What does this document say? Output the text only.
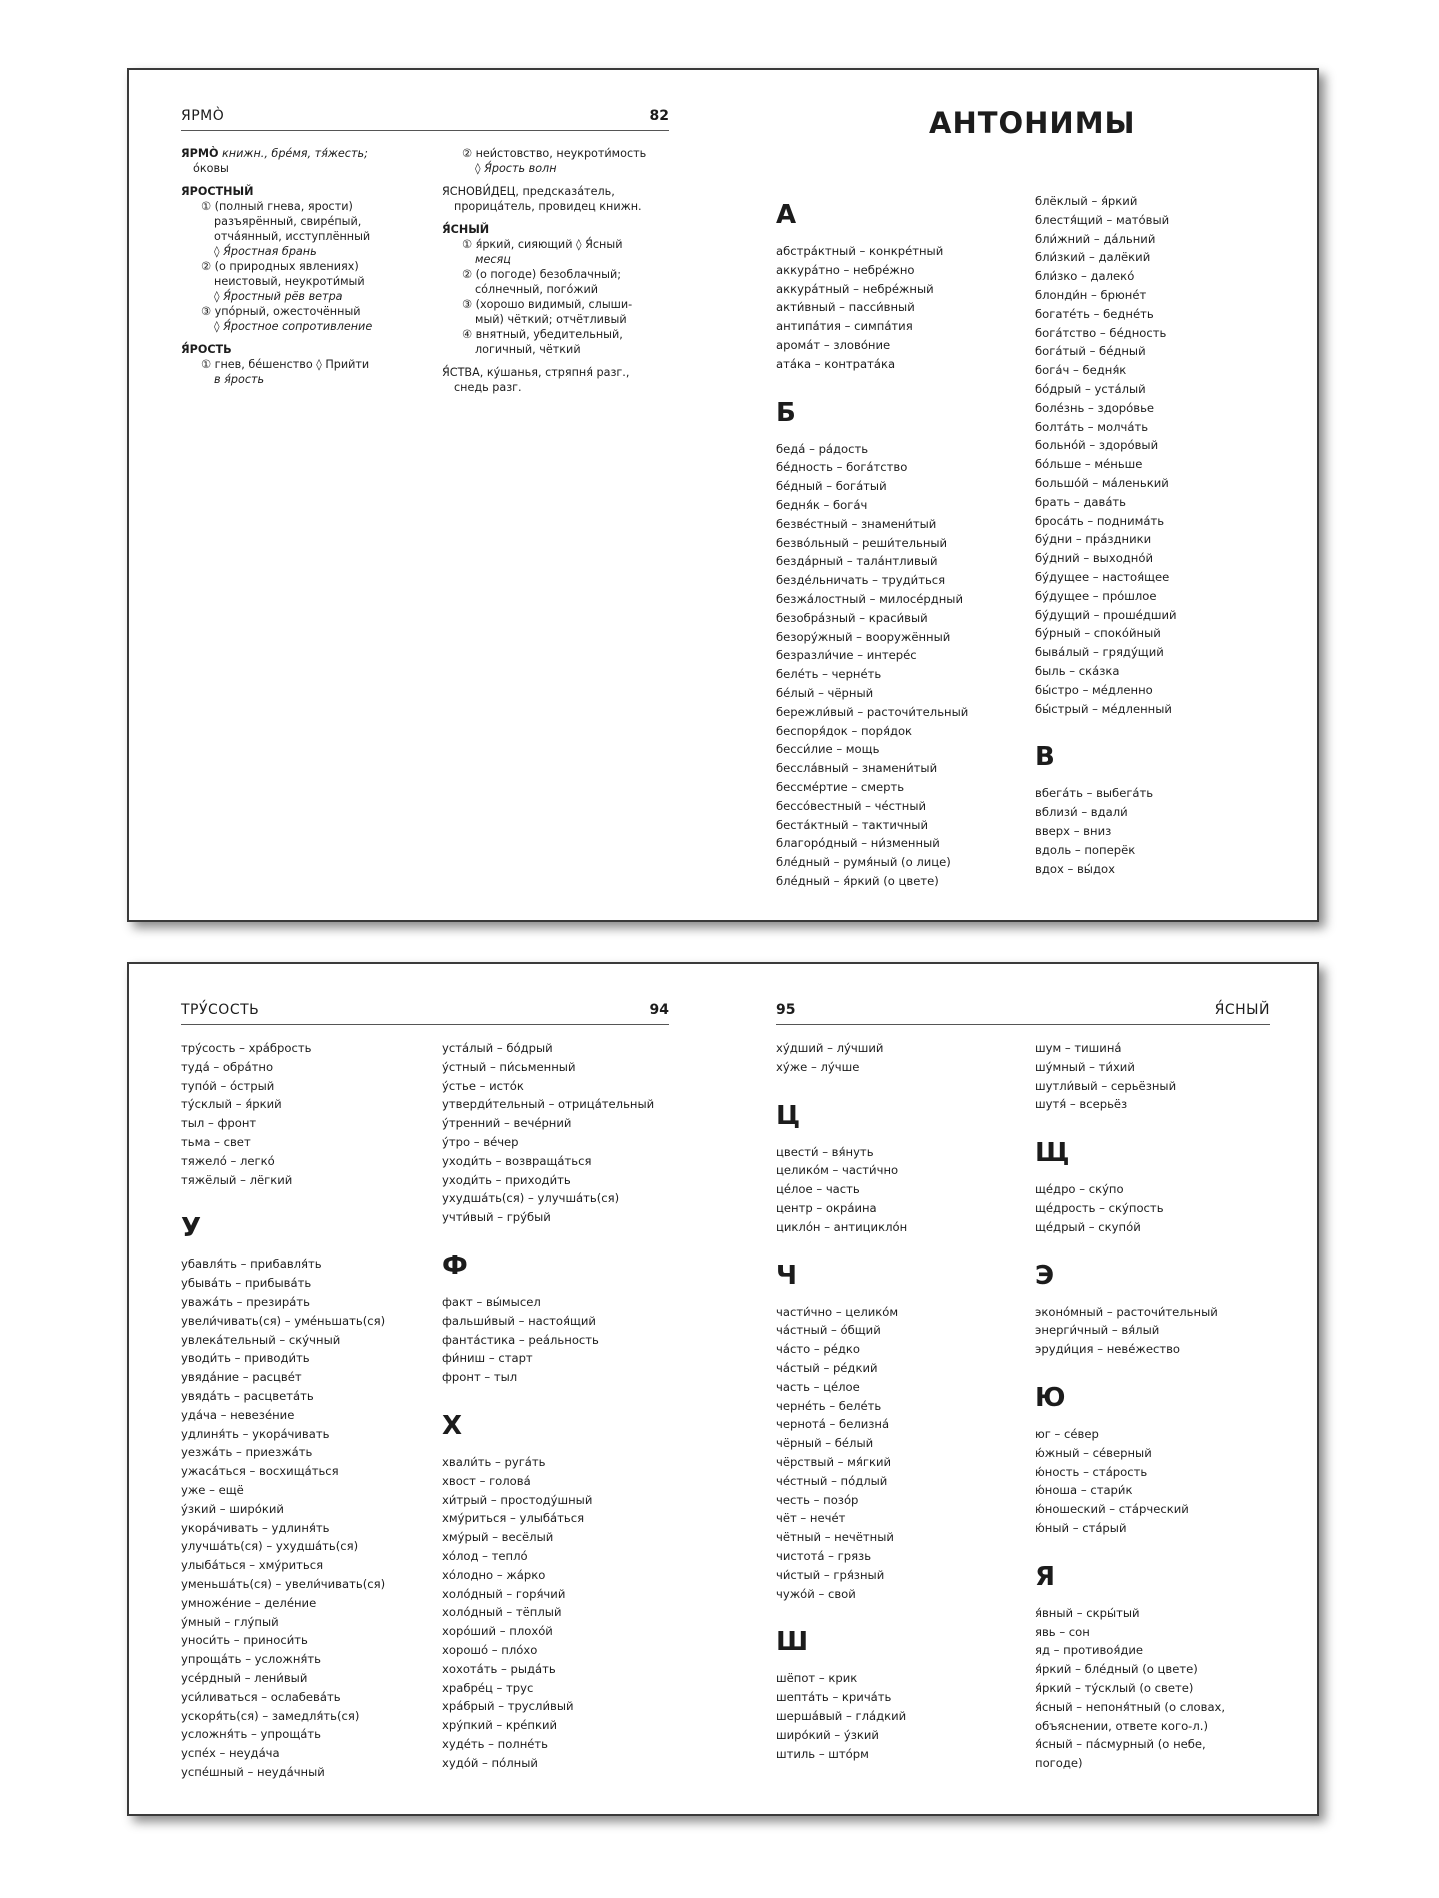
ЯРМÒ	82	АНТОНИМЫ
ЯРМÒ книжн., брéмя, тя́жесть;
óковы
ЯРОСТНЫЙ
① (полный гнева, ярости)
разъярённый, свирéпый,
отчáянный, исступлённый
◊ Я́ростная брань
② (о природных явлениях)
неистовый, неукроти́мый
◊ Я́ростный рёв ветра
③ упóрный, ожесточённый
◊ Я́ростное сопротивление
Я́РОСТЬ
① гнев, бéшенство ◊ Прийти
в я́рость
② неи́стовство, неукроти́мость
◊ Я́рость волн
ЯСНОВИ́ДЕЦ, предсказáтель,
прорицáтель, провидец книжн.
Я́СНЫЙ
① я́ркий, сияющий ◊ Я́сный
месяц
② (о погоде) безоблачный;
сóлнечный, погóжий
③ (хорошо видимый, слыши-
мый) чёткий; отчётливый
④ внятный, убедительный,
логичный, чёткий
Я́СТВА, кýшанья, стряпня́ разг.,
снедь разг.
А
абстрáктный – конкрéтный
аккурáтно – небрéжно
аккурáтный – небрéжный
акти́вный – пасси́вный
антипáтия – симпáтия
аромáт – злово́ние
атáка – контратáка
Б
бедá – рáдость
бéдность – богáтство
бéдный – богáтый
бедня́к – богáч
безвéстный – знамени́тый
безвóльный – реши́тельный
бездáрный – талáнтливый
безде́льничать – труди́ться
безжáлостный – милосéрдный
безобрáзный – краси́вый
безорýжный – вооружённый
безразли́чие – интерéс
белéть – чернéть
бéлый – чёрный
бережли́вый – расточи́тельный
беспоря́док – поря́док
бесси́лие – мощь
бесслáвный – знамени́тый
бессмéртие – смерть
бессóвестный – чéстный
бестáктный – тактичный
благорóдный – ни́зменный
блéдный – румя́ный (о лице)
блéдный – я́ркий (о цвете)
блёклый – я́ркий
блестя́щий – матóвый
бли́жний – дáльний
бли́зкий – далёкий
бли́зко – далекó
блонди́н – брюнéт
богатéть – беднéть
богáтство – бéдность
богáтый – бéдный
богáч – бедня́к
бóдрый – устáлый
болéзнь – здорóвье
болтáть – молчáть
больнóй – здорóвый
бóльше – мéньше
большóй – мáленький
брать – давáть
бросáть – поднимáть
бýдни – прáздники
бýдний – выходнóй
бýдущее – настоя́щее
бýдущее – прóшлое
бýдущий – прошéдший
бýрный – спокóйный
бывáлый – грядýщий
быль – скáзка
бы́стро – мéдленно
бы́стрый – мéдленный
В
вбегáть – выбегáть
вблизи́ – вдали́
вверх – вниз
вдоль – поперёк
вдох – вы́дох
ТРУ́СОСТЬ	94	95	Я́СНЫЙ
трýсость – хрáбрость
тудá – обрáтно
тупóй – óстрый
тýсклый – я́ркий
тыл – фронт
тьма – свет
тяжелó – легкó
тяжёлый – лёгкий
У
убавля́ть – прибавля́ть
убывáть – прибывáть
уважáть – презирáть
увели́чивать(ся) – умéньшать(ся)
увлекáтельный – скýчный
уводи́ть – приводи́ть
увядáние – расцвéт
увядáть – расцветáть
удáча – невезéние
удлиня́ть – укорáчивать
уезжáть – приезжáть
ужасáться – восхищáться
уже – ещё
ýзкий – широ́кий
укорáчивать – удлиня́ть
улучшáть(ся) – ухудшáть(ся)
улыбáться – хмýриться
уменьшáть(ся) – увели́чивать(ся)
умножéние – делéние
ýмный – глýпый
уноси́ть – приноси́ть
упрощáть – усложня́ть
усéрдный – лени́вый
уси́ливаться – ослабевáть
ускоря́ть(ся) – замедля́ть(ся)
усложня́ть – упрощáть
успéх – неудáча
успéшный – неудáчный
устáлый – бóдрый
ýстный – пи́сьменный
ýстье – истóк
утверди́тельный – отрицáтельный
ýтренний – вечéрний
ýтро – вéчер
уходи́ть – возвращáться
уходи́ть – приходи́ть
ухудшáть(ся) – улучшáть(ся)
учти́вый – грýбый
Ф
факт – вы́мысел
фальши́вый – настоя́щий
фантáстика – реáльность
фи́ниш – старт
фронт – тыл
Х
хвали́ть – ругáть
хвост – головá
хи́трый – простодýшный
хмýриться – улыбáться
хмýрый – весёлый
хóлод – теплó
хóлодно – жáрко
холóдный – горя́чий
холóдный – тёплый
хорóший – плохóй
хорошó – плóхо
хохотáть – рыдáть
храбрéц – трус
хрáбрый – трусли́вый
хрýпкий – крéпкий
худéть – полнéть
худóй – пóлный
хýдший – лýчший
хýже – лýчше
Ц
цвести́ – вя́нуть
целикóм – части́чно
цéлое – часть
центр – окрáина
циклóн – антициклóн
Ч
части́чно – целикóм
чáстный – óбщий
чáсто – рéдко
чáстый – рéдкий
часть – цéлое
чернéть – белéть
чернотá – белизнá
чёрный – бéлый
чёрствый – мя́гкий
чéстный – пóдлый
честь – позóр
чёт – нечéт
чётный – нечётный
чистотá – грязь
чи́стый – гря́зный
чужóй – свой
Ш
шёпот – крик
шептáть – кричáть
шершáвый – глáдкий
широ́кий – ýзкий
штиль – штóрм
шум – тишинá
шýмный – ти́хий
шутли́вый – серьёзный
шутя́ – всерьёз
Щ
щéдро – скýпо
щéдрость – скýпость
щéдрый – скупóй
Э
эконóмный – расточи́тельный
энерги́чный – вя́лый
эруди́ция – невéжество
Ю
юг – сéвер
ю́жный – сéверный
ю́ность – стáрость
ю́ноша – стари́к
ю́ношеский – стáрческий
ю́ный – стáрый
Я
я́вный – скры́тый
явь – сон
яд – противоя́дие
я́ркий – блéдный (о цвете)
я́ркий – тýсклый (о свете)
я́сный – непоня́тный (о словах,
объяснении, ответе кого-л.)
я́сный – пáсмурный (о небе,
погоде)
